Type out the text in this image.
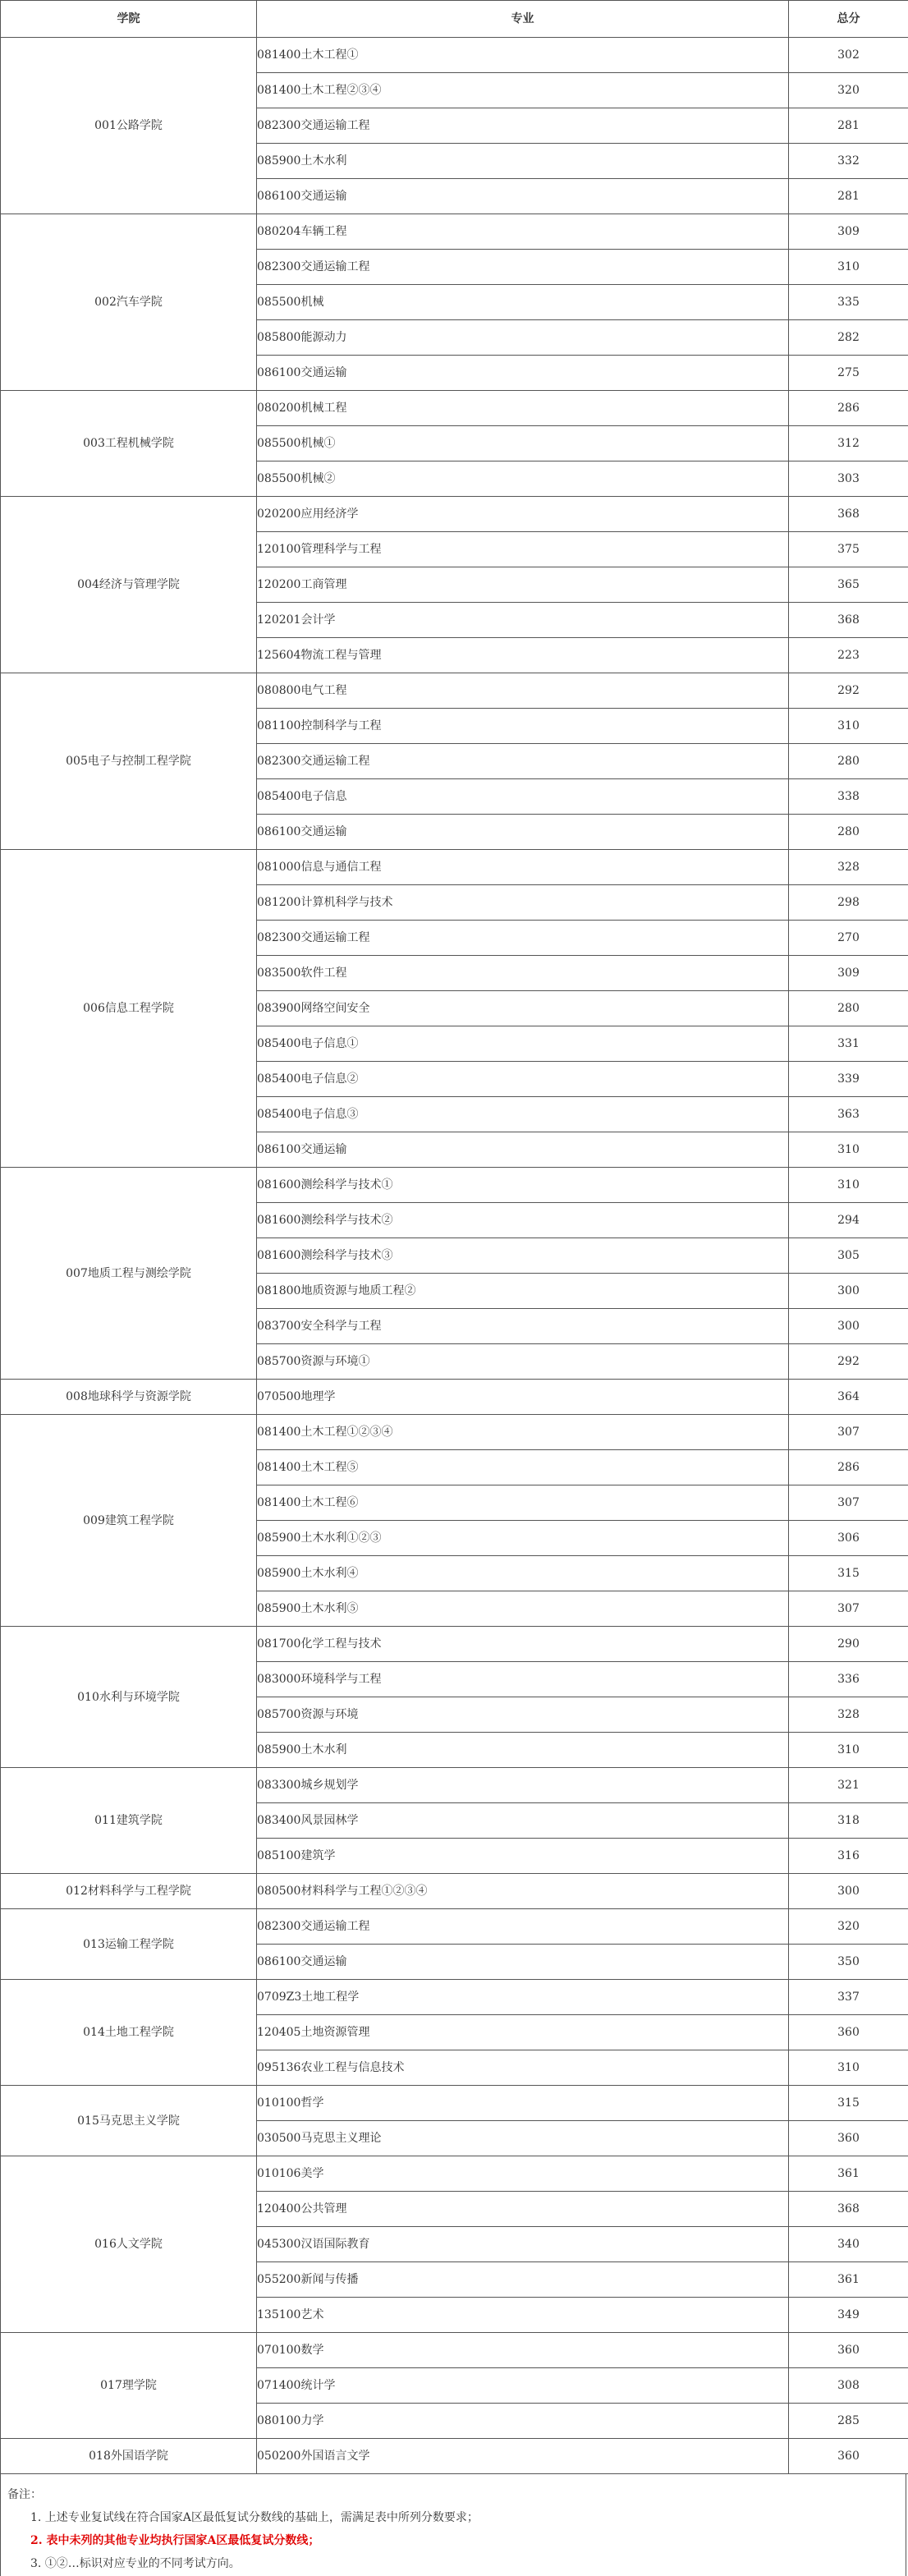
学院	专业	总分
001公路学院	081400土木工程①	302
	081400土木工程②③④	320
	082300交通运输工程	281
	085900土木水利	332
	086100交通运输	281
002汽车学院	080204车辆工程	309
	082300交通运输工程	310
	085500机械	335
	085800能源动力	282
	086100交通运输	275
003工程机械学院	080200机械工程	286
	085500机械①	312
	085500机械②	303
004经济与管理学院	020200应用经济学	368
	120100管理科学与工程	375
	120200工商管理	365
	120201会计学	368
	125604物流工程与管理	223
005电子与控制工程学院	080800电气工程	292
	081100控制科学与工程	310
	082300交通运输工程	280
	085400电子信息	338
	086100交通运输	280
006信息工程学院	081000信息与通信工程	328
	081200计算机科学与技术	298
	082300交通运输工程	270
	083500软件工程	309
	083900网络空间安全	280
	085400电子信息①	331
	085400电子信息②	339
	085400电子信息③	363
	086100交通运输	310
007地质工程与测绘学院	081600测绘科学与技术①	310
	081600测绘科学与技术②	294
	081600测绘科学与技术③	305
	081800地质资源与地质工程②	300
	083700安全科学与工程	300
	085700资源与环境①	292
008地球科学与资源学院	070500地理学	364
009建筑工程学院	081400土木工程①②③④	307
	081400土木工程⑤	286
	081400土木工程⑥	307
	085900土木水利①②③	306
	085900土木水利④	315
	085900土木水利⑤	307
010水利与环境学院	081700化学工程与技术	290
	083000环境科学与工程	336
	085700资源与环境	328
	085900土木水利	310
011建筑学院	083300城乡规划学	321
	083400风景园林学	318
	085100建筑学	316
012材料科学与工程学院	080500材料科学与工程①②③④	300
013运输工程学院	082300交通运输工程	320
	086100交通运输	350
014土地工程学院	0709Z3土地工程学	337
	120405土地资源管理	360
	095136农业工程与信息技术	310
015马克思主义学院	010100哲学	315
	030500马克思主义理论	360
016人文学院	010106美学	361
	120400公共管理	368
	045300汉语国际教育	340
	055200新闻与传播	361
	135100艺术	349
017理学院	070100数学	360
	071400统计学	308
	080100力学	285
018外国语学院	050200外国语言文学	360
备注：
1. 上述专业复试线在符合国家A区最低复试分数线的基础上，需满足表中所列分数要求；
2. 表中未列的其他专业均执行国家A区最低复试分数线；
3. ①②…标识对应专业的不同考试方向。
